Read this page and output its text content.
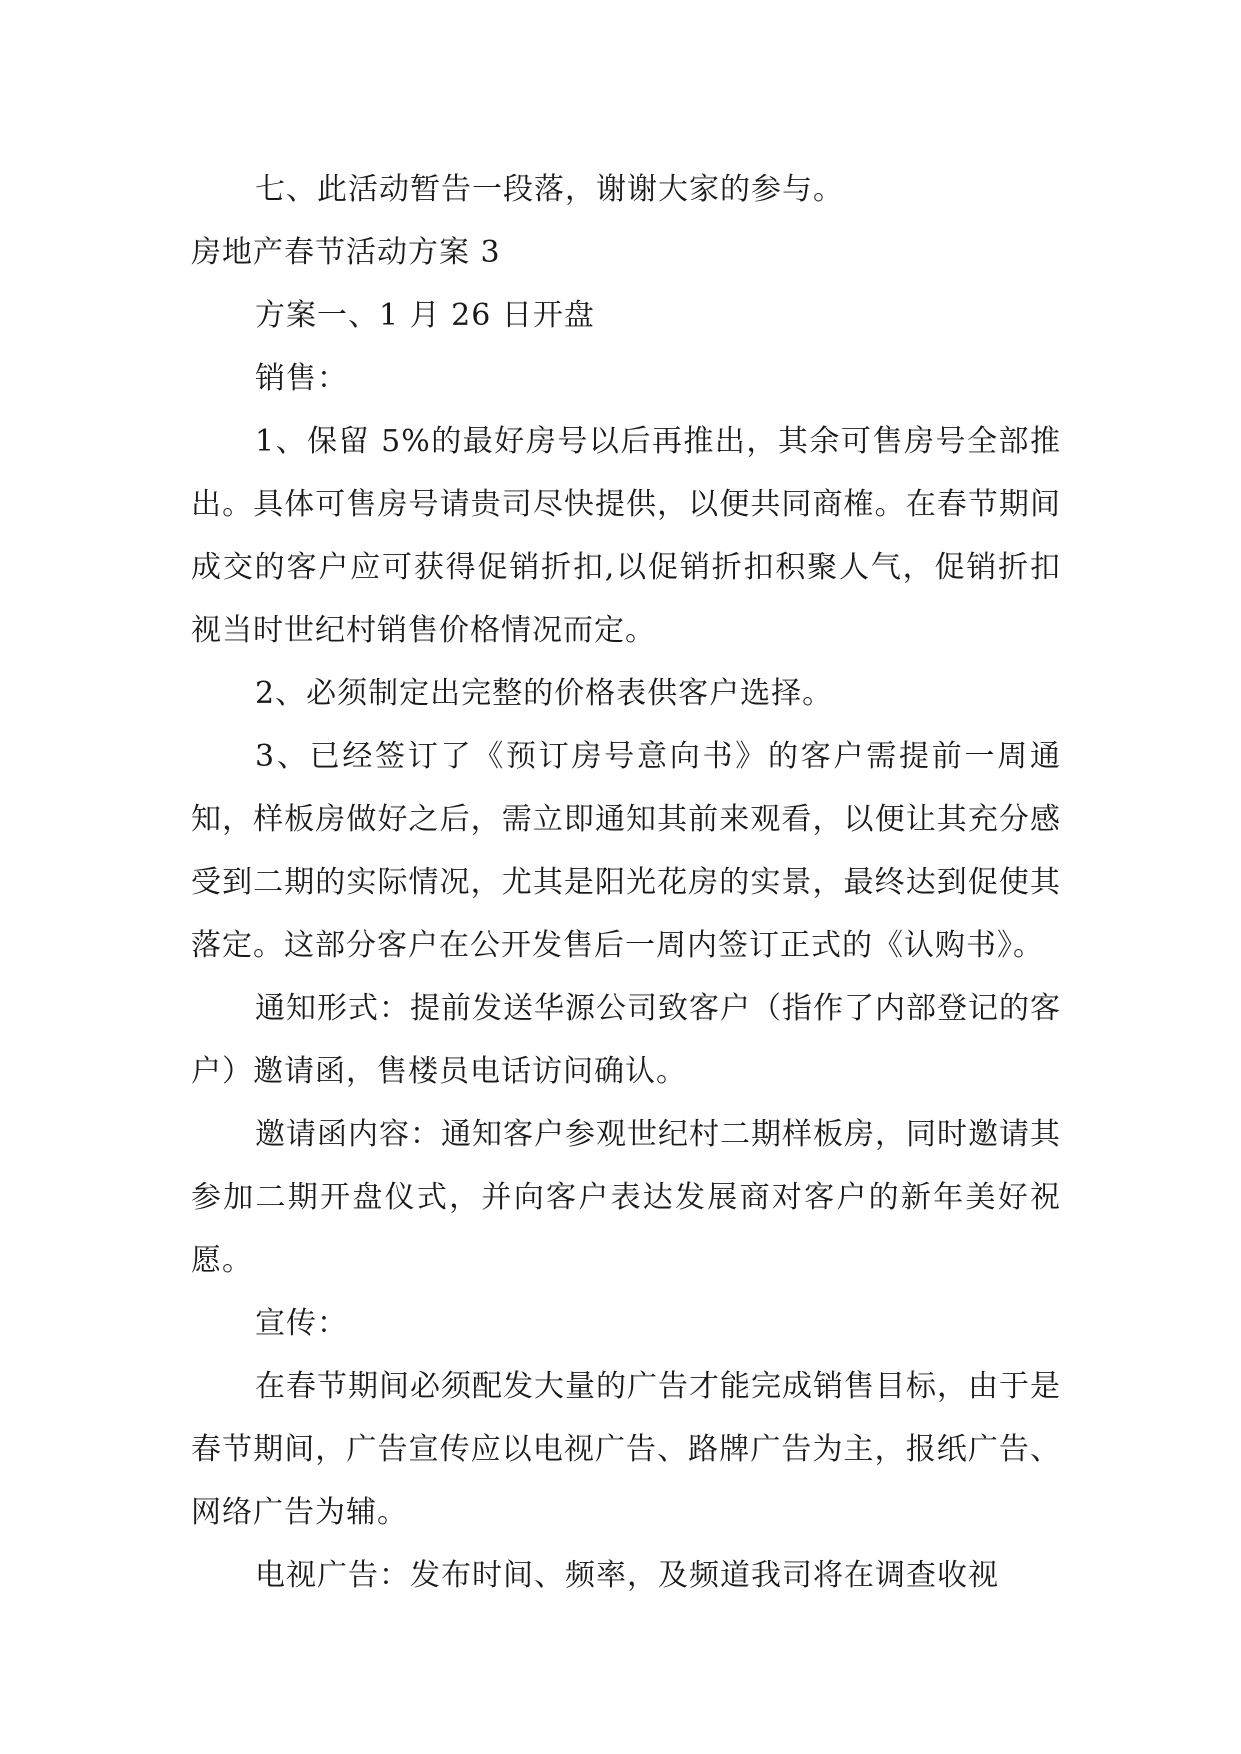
七、此活动暂告一段落，谢谢大家的参与。

房地产春节活动方案 3

方案一、1 月 26 日开盘

销售：

1、保留 5%的最好房号以后再推出，其余可售房号全部推出。具体可售房号请贵司尽快提供，以便共同商榷。在春节期间成交的客户应可获得促销折扣,以促销折扣积聚人气，促销折扣视当时世纪村销售价格情况而定。

2、必须制定出完整的价格表供客户选择。

3、已经签订了《预订房号意向书》的客户需提前一周通知，样板房做好之后，需立即通知其前来观看，以便让其充分感受到二期的实际情况，尤其是阳光花房的实景，最终达到促使其落定。这部分客户在公开发售后一周内签订正式的《认购书》。

通知形式：提前发送华源公司致客户（指作了内部登记的客户）邀请函，售楼员电话访问确认。

邀请函内容：通知客户参观世纪村二期样板房，同时邀请其参加二期开盘仪式，并向客户表达发展商对客户的新年美好祝愿。

宣传：

在春节期间必须配发大量的广告才能完成销售目标，由于是春节期间，广告宣传应以电视广告、路牌广告为主，报纸广告、网络广告为辅。

电视广告：发布时间、频率，及频道我司将在调查收视
